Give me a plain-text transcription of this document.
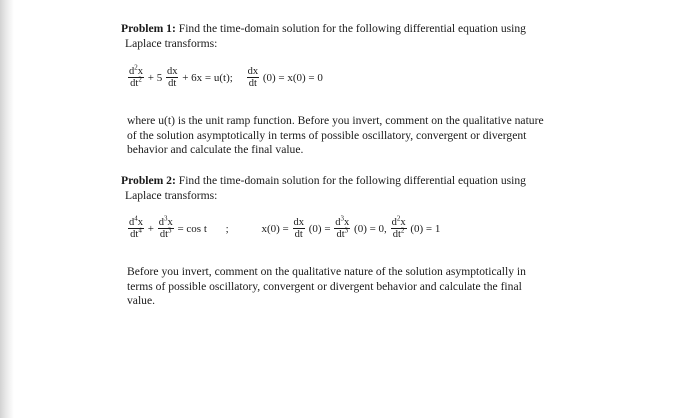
Problem 1: Find the time-domain solution for the following differential equation using
Laplace transforms:
$\frac{d^2x}{dt^2} + 5 \frac{dx}{dt} + 6x = u(t)$; $\frac{dx}{dt} (0) = x(0) = 0$
where u(t) is the unit ramp function. Before you invert, comment on the qualitative nature
of the solution asymptotically in terms of possible oscillatory, convergent or divergent
behavior and calculate the final value.
Problem 2: Find the time-domain solution for the following differential equation using
Laplace transforms:
$\frac{d^4x}{dt^4} + \frac{d^3x}{dt^3} = \cos t$ ;	$x(0) = \frac{dx}{dt} (0) = \frac{d^3x}{dt^3} (0) = 0$, $\frac{d^2x}{dt^2} (0) = 1$
Before you invert, comment on the qualitative nature of the solution asymptotically in
terms of possible oscillatory, convergent or divergent behavior and calculate the final
value.
